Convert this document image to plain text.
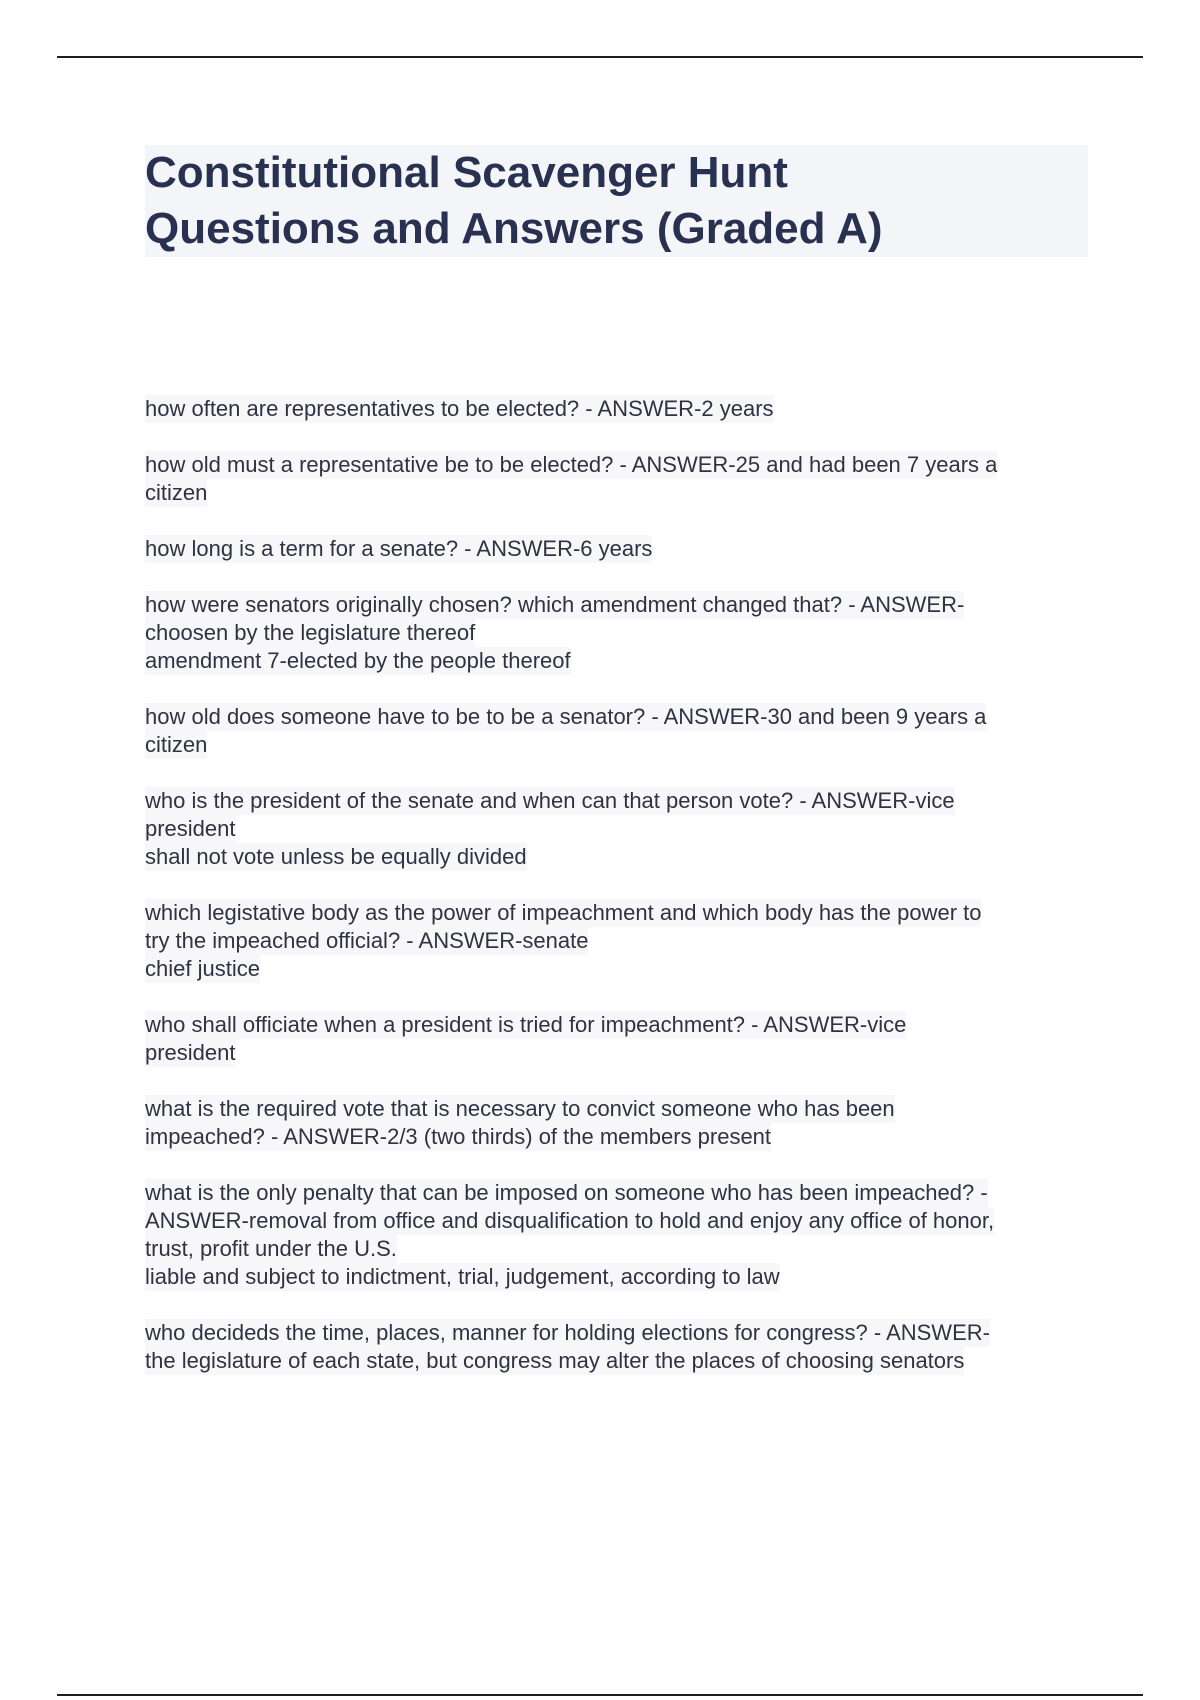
Constitutional Scavenger Hunt
Questions and Answers (Graded A)

how often are representatives to be elected? - ANSWER-2 years

how old must a representative be to be elected? - ANSWER-25 and had been 7 years a
citizen

how long is a term for a senate? - ANSWER-6 years

how were senators originally chosen? which amendment changed that? - ANSWER-
choosen by the legislature thereof
amendment 7-elected by the people thereof

how old does someone have to be to be a senator? - ANSWER-30 and been 9 years a
citizen

who is the president of the senate and when can that person vote? - ANSWER-vice
president
shall not vote unless be equally divided

which legistative body as the power of impeachment and which body has the power to
try the impeached official? - ANSWER-senate
chief justice

who shall officiate when a president is tried for impeachment? - ANSWER-vice
president

what is the required vote that is necessary to convict someone who has been
impeached? - ANSWER-2/3 (two thirds) of the members present

what is the only penalty that can be imposed on someone who has been impeached? -
ANSWER-removal from office and disqualification to hold and enjoy any office of honor,
trust, profit under the U.S.
liable and subject to indictment, trial, judgement, according to law

who decideds the time, places, manner for holding elections for congress? - ANSWER-
the legislature of each state, but congress may alter the places of choosing senators
